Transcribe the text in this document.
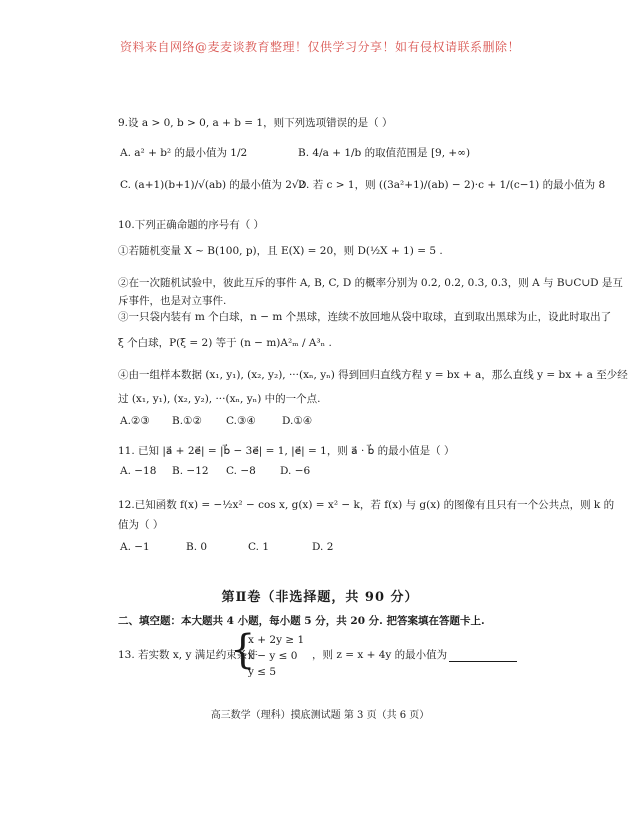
资料来自网络@麦麦谈教育整理！仅供学习分享！如有侵权请联系删除！
9.设 a > 0, b > 0, a + b = 1，则下列选项错误的是（ ）
A. a² + b² 的最小值为 1/2	B. 4/a + 1/b 的取值范围是 [9, +∞)
C. (a+1)(b+1)/√(ab) 的最小值为 2√2
D. 若 c > 1，则 ((3a²+1)/(ab) − 2)·c + 1/(c−1) 的最小值为 8
10.下列正确命题的序号有（ ）
①若随机变量 X ~ B(100, p)，且 E(X) = 20，则 D(½X + 1) = 5 .
②在一次随机试验中，彼此互斥的事件 A, B, C, D 的概率分别为 0.2, 0.2, 0.3, 0.3，则 A 与 B∪C∪D 是互
斥事件，也是对立事件.
③一只袋内装有 m 个白球，n − m 个黑球，连续不放回地从袋中取球，直到取出黑球为止，设此时取出了
ξ 个白球，P(ξ = 2) 等于 (n − m)A²ₘ / A³ₙ .
④由一组样本数据 (x₁, y₁), (x₂, y₂), ···(xₙ, yₙ) 得到回归直线方程 y = bx + a，那么直线 y = bx + a 至少经
过 (x₁, y₁), (x₂, y₂), ···(xₙ, yₙ) 中的一个点.
A.②③ B.①② C.③④ D.①④
11. 已知 |a⃗ + 2e⃗| = |b⃗ − 3e⃗| = 1, |e⃗| = 1，则 a⃗ · b⃗ 的最小值是（ ）
A. −18 B. −12 C. −8 D. −6
12.已知函数 f(x) = −½x² − cos x, g(x) = x² − k，若 f(x) 与 g(x) 的图像有且只有一个公共点，则 k 的
值为（ ）
A. −1	B. 0	C. 1	D. 2
第Ⅱ卷（非选择题，共 90 分）
二、填空题：本大题共 4 小题，每小题 5 分，共 20 分. 把答案填在答题卡上.
13. 若实数 x, y 满足约束条件
{
x + 2y ≥ 1
x − y ≤ 0
y ≤ 5
，则 z = x + 4y 的最小值为
高三数学（理科）摸底测试题 第 3 页（共 6 页）
